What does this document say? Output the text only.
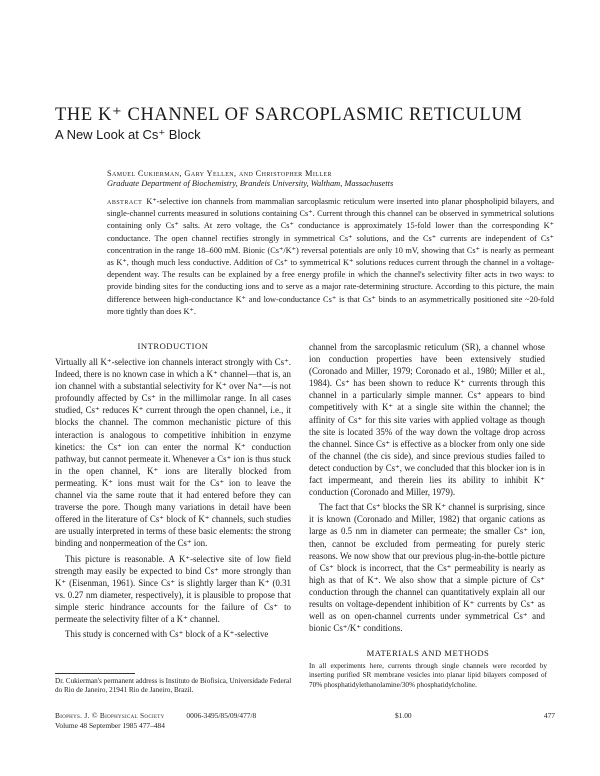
THE K⁺ CHANNEL OF SARCOPLASMIC RETICULUM
A New Look at Cs⁺ Block
Samuel Cukierman, Gary Yellen, and Christopher Miller
Graduate Department of Biochemistry, Brandeis University, Waltham, Massachusetts

abstract K⁺-selective ion channels from mammalian sarcoplasmic reticulum were inserted into planar phospholipid bilayers, and single-channel currents measured in solutions containing Cs⁺. Current through this channel can be observed in symmetrical solutions containing only Cs⁺ salts. At zero voltage, the Cs⁺ conductance is approximately 15-fold lower than the corresponding K⁺ conductance. The open channel rectifies strongly in symmetrical Cs⁺ solutions, and the Cs⁺ currents are independent of Cs⁺ concentration in the range 18–600 mM. Bionic (Cs⁺/K⁺) reversal potentials are only 10 mV, showing that Cs⁺ is nearly as permeant as K⁺, though much less conductive. Addition of Cs⁺ to symmetrical K⁺ solutions reduces current through the channel in a voltage-dependent way. The results can be explained by a free energy profile in which the channel's selectivity filter acts in two ways: to provide binding sites for the conducting ions and to serve as a major rate-determining structure. According to this picture, the main difference between high-conductance K⁺ and low-conductance Cs⁺ is that Cs⁺ binds to an asymmetrically positioned site ~20-fold more tightly than does K⁺.

INTRODUCTION

Virtually all K⁺-selective ion channels interact strongly with Cs⁺. Indeed, there is no known case in which a K⁺ channel—that is, an ion channel with a substantial selectivity for K⁺ over Na⁺—is not profoundly affected by Cs⁺ in the millimolar range. In all cases studied, Cs⁺ reduces K⁺ current through the open channel, i.e., it blocks the channel. The common mechanistic picture of this interaction is analogous to competitive inhibition in enzyme kinetics: the Cs⁺ ion can enter the normal K⁺ conduction pathway, but cannot permeate it. Whenever a Cs⁺ ion is thus stuck in the open channel, K⁺ ions are literally blocked from permeating. K⁺ ions must wait for the Cs⁺ ion to leave the channel via the same route that it had entered before they can traverse the pore. Though many variations in detail have been offered in the literature of Cs⁺ block of K⁺ channels, such studies are usually interpreted in terms of these basic elements: the strong binding and nonpermeation of the Cs⁺ ion.

This picture is reasonable. A K⁺-selective site of low field strength may easily be expected to bind Cs⁺ more strongly than K⁺ (Eisenman, 1961). Since Cs⁺ is slightly larger than K⁺ (0.31 vs. 0.27 nm diameter, respectively), it is plausible to propose that simple steric hindrance accounts for the failure of Cs⁺ to permeate the selectivity filter of a K⁺ channel.

This study is concerned with Cs⁺ block of a K⁺-selective

channel from the sarcoplasmic reticulum (SR), a channel whose ion conduction properties have been extensively studied (Coronado and Miller, 1979; Coronado et al., 1980; Miller et al., 1984). Cs⁺ has been shown to reduce K⁺ currents through this channel in a particularly simple manner. Cs⁺ appears to bind competitively with K⁺ at a single site within the channel; the affinity of Cs⁺ for this site varies with applied voltage as though the site is located 35% of the way down the voltage drop across the channel. Since Cs⁺ is effective as a blocker from only one side of the channel (the cis side), and since previous studies failed to detect conduction by Cs⁺, we concluded that this blocker ion is in fact impermeant, and therein lies its ability to inhibit K⁺ conduction (Coronado and Miller, 1979).

The fact that Cs⁺ blocks the SR K⁺ channel is surprising, since it is known (Coronado and Miller, 1982) that organic cations as large as 0.5 nm in diameter can permeate; the smaller Cs⁺ ion, then, cannot be excluded from permeating for purely steric reasons. We now show that our previous plug-in-the-bottle picture of Cs⁺ block is incorrect, that the Cs⁺ permeability is nearly as high as that of K⁺. We also show that a simple picture of Cs⁺ conduction through the channel can quantitatively explain all our results on voltage-dependent inhibition of K⁺ currents by Cs⁺ as well as on open-channel currents under symmetrical Cs⁺ and bionic Cs⁺/K⁺ conditions.

MATERIALS AND METHODS

In all experiments here, currents through single channels were recorded by inserting purified SR membrane vesicles into planar lipid bilayers composed of 70% phosphatidylethanolamine/30% phosphatidylcholine.

Dr. Cukierman's permanent address is Instituto de Biofisica, Universidade Federal do Rio de Janeiro, 21941 Rio de Janeiro, Brazil.

Biophys. J. © Biophysical Society	0006-3495/85/09/477/8	$1.00	477
Volume 48 September 1985 477–484
